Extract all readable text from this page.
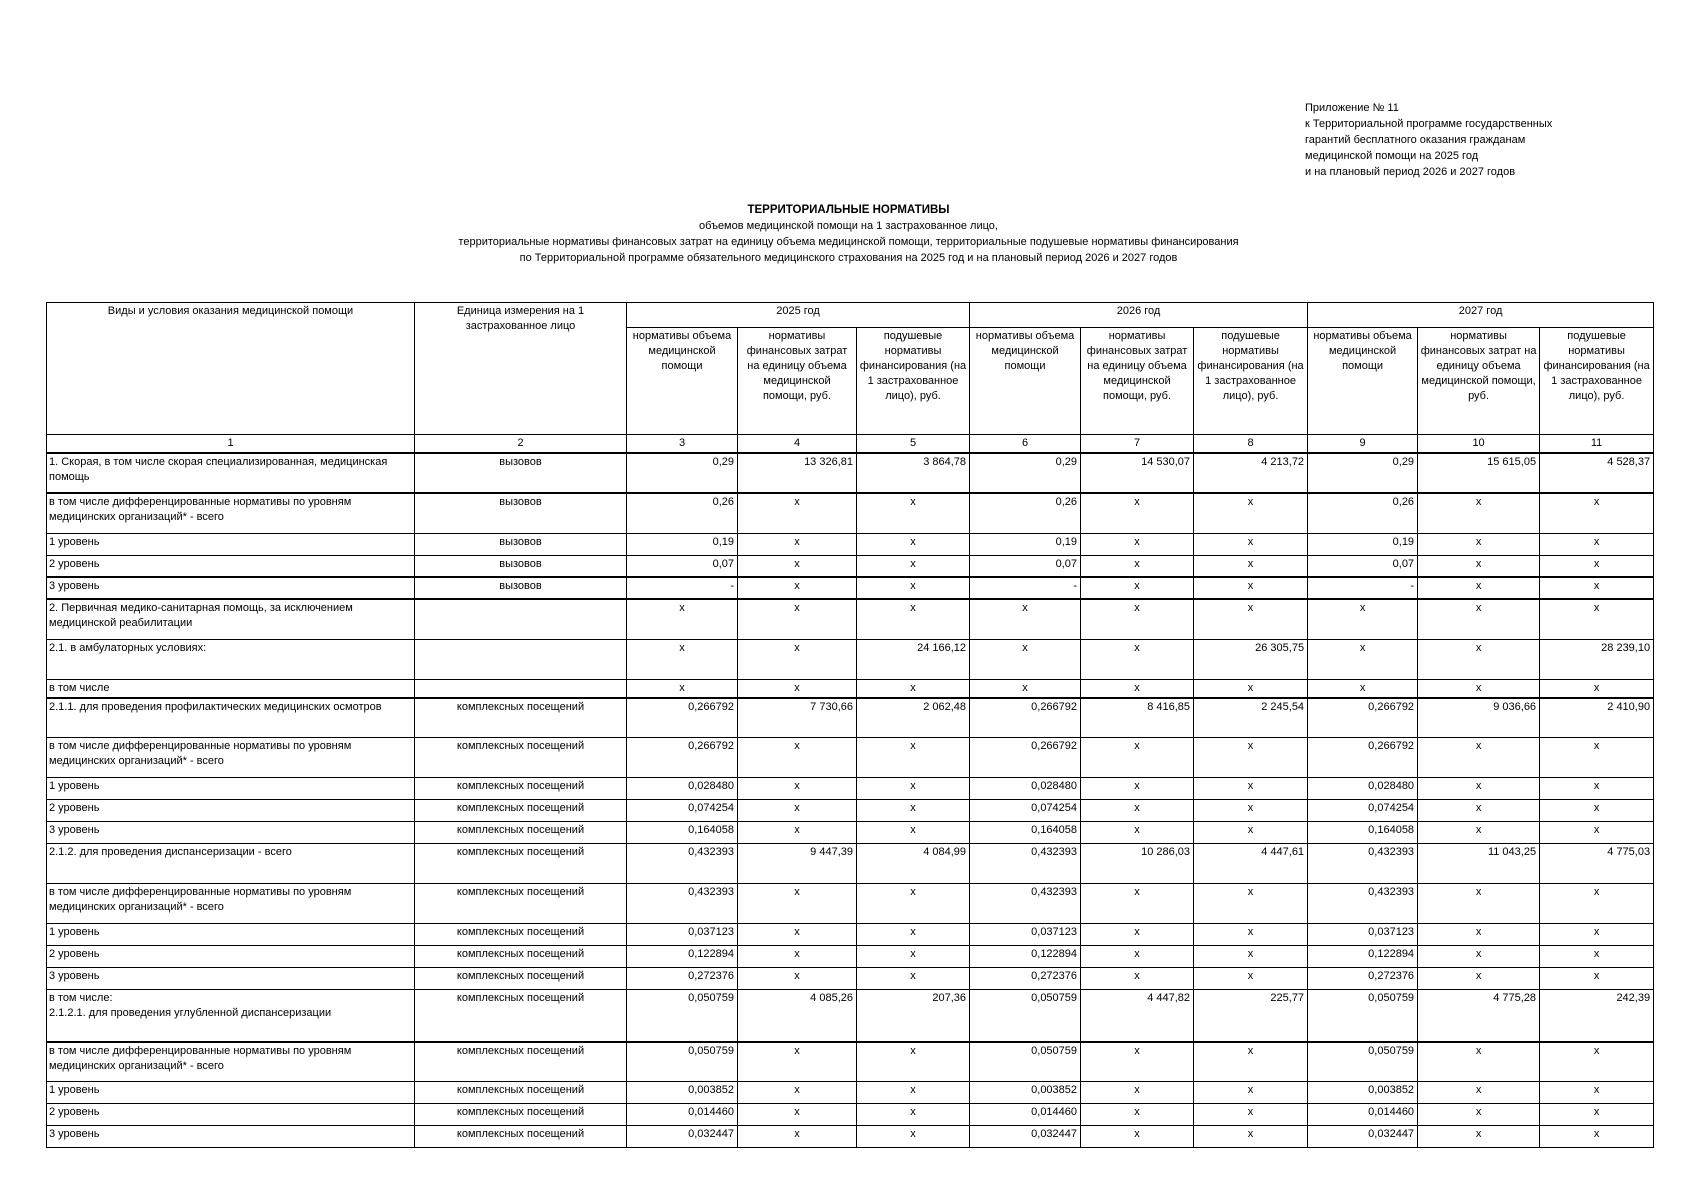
Приложение № 11
к Территориальной программе государственных
гарантий бесплатного оказания гражданам
медицинской помощи на 2025 год
и на плановый период 2026 и 2027 годов
ТЕРРИТОРИАЛЬНЫЕ НОРМАТИВЫ
объемов медицинской помощи на 1 застрахованное лицо,
территориальные нормативы финансовых затрат на единицу объема медицинской помощи, территориальные подушевые нормативы финансирования
по Территориальной программе обязательного медицинского страхования на 2025 год и на плановый период 2026 и 2027 годов
Виды и условия оказания медицинской помощи	Единица измерения на 1 застрахованное лицо	2025 год			2026 год			2027 год		
		нормативы объема медицинской помощи	нормативы финансовых затрат на единицу объема медицинской помощи, руб.	подушевые нормативы финансирования (на 1 застрахованное лицо), руб.	нормативы объема медицинской помощи	нормативы финансовых затрат на единицу объема медицинской помощи, руб.	подушевые нормативы финансирования (на 1 застрахованное лицо), руб.	нормативы объема медицинской помощи	нормативы финансовых затрат на единицу объема медицинской помощи, руб.	подушевые нормативы финансирования (на 1 застрахованное лицо), руб.
1	2	3	4	5	6	7	8	9	10	11
1. Скорая, в том числе скорая специализированная, медицинская помощь	вызовов	0,29	13 326,81	3 864,78	0,29	14 530,07	4 213,72	0,29	15 615,05	4 528,37
в том числе дифференцированные нормативы по уровням медицинских организаций* - всего	вызовов	0,26	х	х	0,26	х	х	0,26	х	х
1 уровень	вызовов	0,19	х	х	0,19	х	х	0,19	х	х
2 уровень	вызовов	0,07	х	х	0,07	х	х	0,07	х	х
3 уровень	вызовов	-	х	х	-	х	х	-	х	х
2. Первичная медико-санитарная помощь, за исключением медицинской реабилитации		х	х	х	х	х	х	х	х	х
2.1. в амбулаторных условиях:		х	х	24 166,12	х	х	26 305,75	х	х	28 239,10
в том числе		х	х	х	х	х	х	х	х	х
2.1.1. для проведения профилактических медицинских осмотров	комплексных посещений	0,266792	7 730,66	2 062,48	0,266792	8 416,85	2 245,54	0,266792	9 036,66	2 410,90
в том числе дифференцированные нормативы по уровням медицинских организаций* - всего	комплексных посещений	0,266792	х	х	0,266792	х	х	0,266792	х	х
1 уровень	комплексных посещений	0,028480	х	х	0,028480	х	х	0,028480	х	х
2 уровень	комплексных посещений	0,074254	х	х	0,074254	х	х	0,074254	х	х
3 уровень	комплексных посещений	0,164058	х	х	0,164058	х	х	0,164058	х	х
2.1.2. для проведения диспансеризации - всего	комплексных посещений	0,432393	9 447,39	4 084,99	0,432393	10 286,03	4 447,61	0,432393	11 043,25	4 775,03
в том числе дифференцированные нормативы по уровням медицинских организаций* - всего	комплексных посещений	0,432393	х	х	0,432393	х	х	0,432393	х	х
1 уровень	комплексных посещений	0,037123	х	х	0,037123	х	х	0,037123	х	х
2 уровень	комплексных посещений	0,122894	х	х	0,122894	х	х	0,122894	х	х
3 уровень	комплексных посещений	0,272376	х	х	0,272376	х	х	0,272376	х	х
в том числе:
2.1.2.1. для проведения углубленной диспансеризации	комплексных посещений	0,050759	4 085,26	207,36	0,050759	4 447,82	225,77	0,050759	4 775,28	242,39
в том числе дифференцированные нормативы по уровням медицинских организаций* - всего	комплексных посещений	0,050759	х	х	0,050759	х	х	0,050759	х	х
1 уровень	комплексных посещений	0,003852	х	х	0,003852	х	х	0,003852	х	х
2 уровень	комплексных посещений	0,014460	х	х	0,014460	х	х	0,014460	х	х
3 уровень	комплексных посещений	0,032447	х	х	0,032447	х	х	0,032447	х	х
